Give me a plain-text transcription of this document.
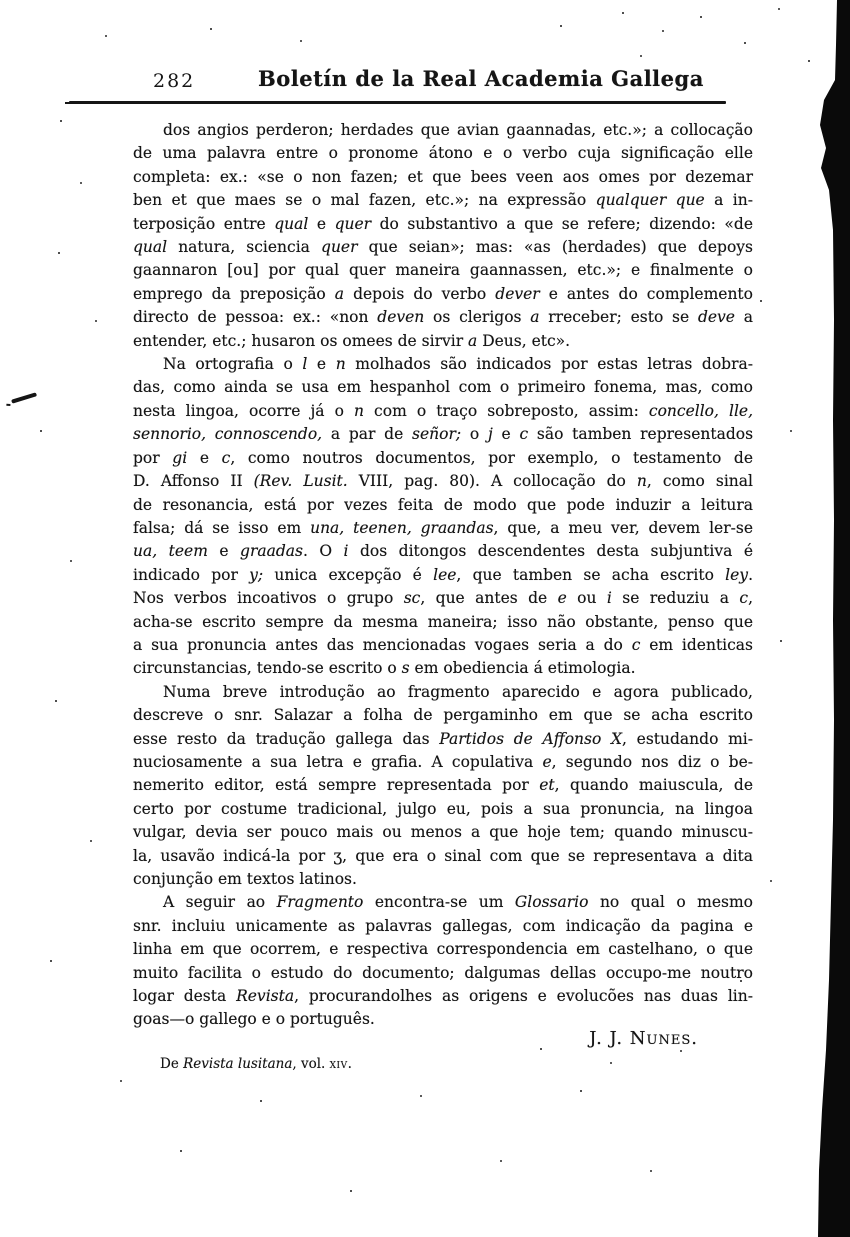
282	Boletín de la Real Academia Gallega
dos angios perderon; herdades que avian gaannadas, etc.»; a collocação
de uma palavra entre o pronome átono e o verbo cuja significação elle
completa: ex.: «se o non fazen; et que bees veen aos omes por dezemar
ben et que maes se o mal fazen, etc.»; na expressão qualquer que a in-
terposição entre qual e quer do substantivo a que se refere; dizendo: «de
qual natura, sciencia quer que seian»; mas: «as (herdades) que depoys
gaannaron [ou] por qual quer maneira gaannassen, etc.»; e finalmente o
emprego da preposição a depois do verbo dever e antes do complemento
directo de pessoa: ex.: «non deven os clerigos a rreceber; esto se deve a
entender, etc.; husaron os omees de sirvir a Deus, etc».
Na ortografia o l e n molhados são indicados por estas letras dobra-
das, como ainda se usa em hespanhol com o primeiro fonema, mas, como
nesta lingoa, ocorre já o n com o traço sobreposto, assim: concello, lle,
sennorio, connoscendo, a par de señor; o j e c são tamben representados
por gi e c, como noutros documentos, por exemplo, o testamento de
D. Affonso II (Rev. Lusit. VIII, pag. 80). A collocação do n, como sinal
de resonancia, está por vezes feita de modo que pode induzir a leitura
falsa; dá se isso em una, teenen, graandas, que, a meu ver, devem ler-se
ua, teem e graadas. O i dos ditongos descendentes desta subjuntiva é
indicado por y; unica excepção é lee, que tamben se acha escrito ley.
Nos verbos incoativos o grupo sc, que antes de e ou i se reduziu a c,
acha-se escrito sempre da mesma maneira; isso não obstante, penso que
a sua pronuncia antes das mencionadas vogaes seria a do c em identicas
circunstancias, tendo-se escrito o s em obediencia á etimologia.
Numa breve introdução ao fragmento aparecido e agora publicado,
descreve o snr. Salazar a folha de pergaminho em que se acha escrito
esse resto da tradução gallega das Partidos de Affonso X, estudando mi-
nuciosamente a sua letra e grafia. A copulativa e, segundo nos diz o be-
nemerito editor, está sempre representada por et, quando maiuscula, de
certo por costume tradicional, julgo eu, pois a sua pronuncia, na lingoa
vulgar, devia ser pouco mais ou menos a que hoje tem; quando minuscu-
la, usavão indicá-la por ʒ, que era o sinal com que se representava a dita
conjunção em textos latinos.
A seguir ao Fragmento encontra-se um Glossario no qual o mesmo
snr. incluiu unicamente as palavras gallegas, com indicação da pagina e
linha em que ocorrem, e respectiva correspondencia em castelhano, o que
muito facilita o estudo do documento; dalgumas dellas occupo-me noutro
logar desta Revista, procurandolhes as origens e evolucões nas duas lin-
goas—o gallego e o português.
J. J. Nunes.
De Revista lusitana, vol. xiv.
